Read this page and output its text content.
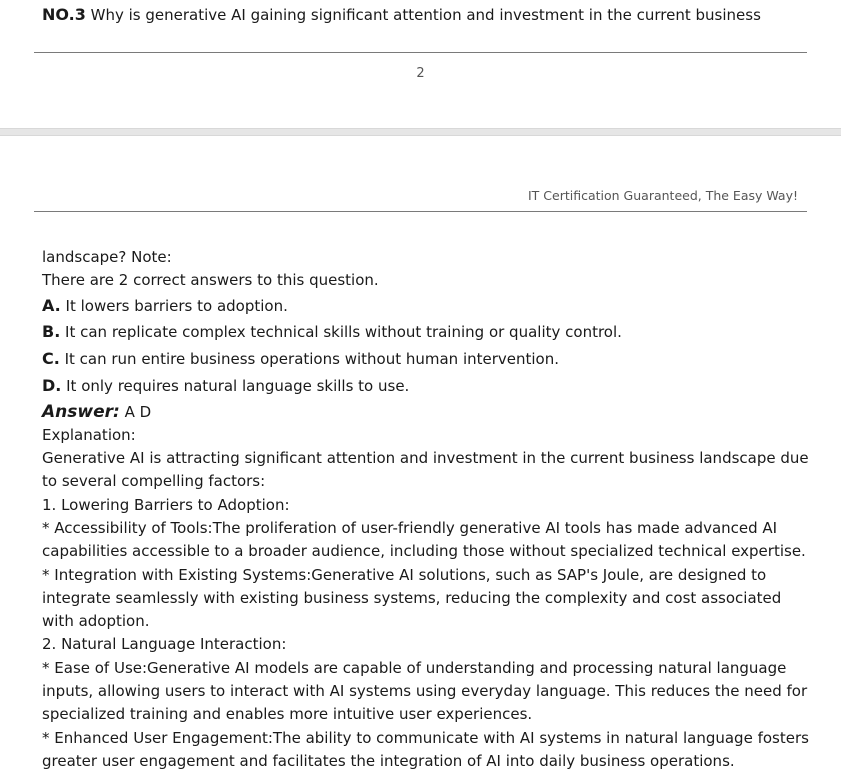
NO.3 Why is generative AI gaining significant attention and investment in the current business
2
IT Certification Guaranteed, The Easy Way!

landscape? Note:

There are 2 correct answers to this question.

A. It lowers barriers to adoption.

B. It can replicate complex technical skills without training or quality control.

C. It can run entire business operations without human intervention.

D. It only requires natural language skills to use.

Answer: A D

Explanation:

Generative AI is attracting significant attention and investment in the current business landscape due to several compelling factors:

1. Lowering Barriers to Adoption:

* Accessibility of Tools:The proliferation of user-friendly generative AI tools has made advanced AI capabilities accessible to a broader audience, including those without specialized technical expertise.

* Integration with Existing Systems:Generative AI solutions, such as SAP's Joule, are designed to integrate seamlessly with existing business systems, reducing the complexity and cost associated with adoption.

2. Natural Language Interaction:

* Ease of Use:Generative AI models are capable of understanding and processing natural language inputs, allowing users to interact with AI systems using everyday language. This reduces the need for specialized training and enables more intuitive user experiences.

* Enhanced User Engagement:The ability to communicate with AI systems in natural language fosters greater user engagement and facilitates the integration of AI into daily business operations.
